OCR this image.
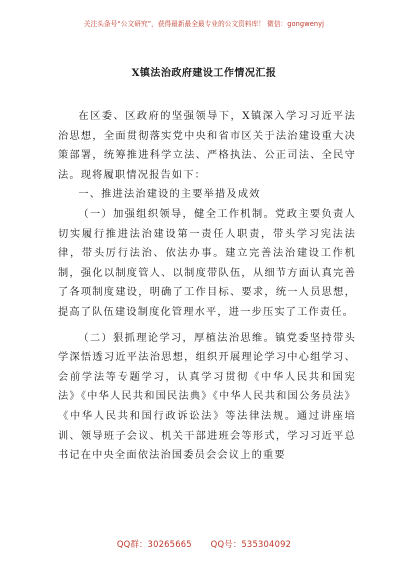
关注头条号“公文研究”，获得最新最全最专业的公文资料库！ 微信：gongwenyj
X镇法治政府建设工作情况汇报

在区委、区政府的坚强领导下，X镇深入学习习近平法治思想，全面贯彻落实党中央和省市区关于法治建设重大决策部署，统筹推进科学立法、严格执法、公正司法、全民守法。现将履职情况报告如下：

一、推进法治建设的主要举措及成效

（一）加强组织领导，健全工作机制。党政主要负责人切实履行推进法治建设第一责任人职责，带头学习宪法法律，带头厉行法治、依法办事。建立完善法治建设工作机制，强化以制度管人、以制度带队伍，从细节方面认真完善了各项制度建设，明确了工作目标、要求，统一人员思想，提高了队伍建设制度化管理水平，进一步压实了工作责任。

（二）狠抓理论学习，厚植法治思维。镇党委坚持带头学深悟透习近平法治思想，组织开展理论学习中心组学习、会前学法等专题学习，认真学习贯彻《中华人民共和国宪法》《中华人民共和国民法典》《中华人民共和国公务员法》《中华人民共和国行政诉讼法》等法律法规。通过讲座培训、领导班子会议、机关干部进班会等形式，学习习近平总书记在中央全面依法治国委员会会议上的重要

QQ群：30265665 QQ号：535304092
